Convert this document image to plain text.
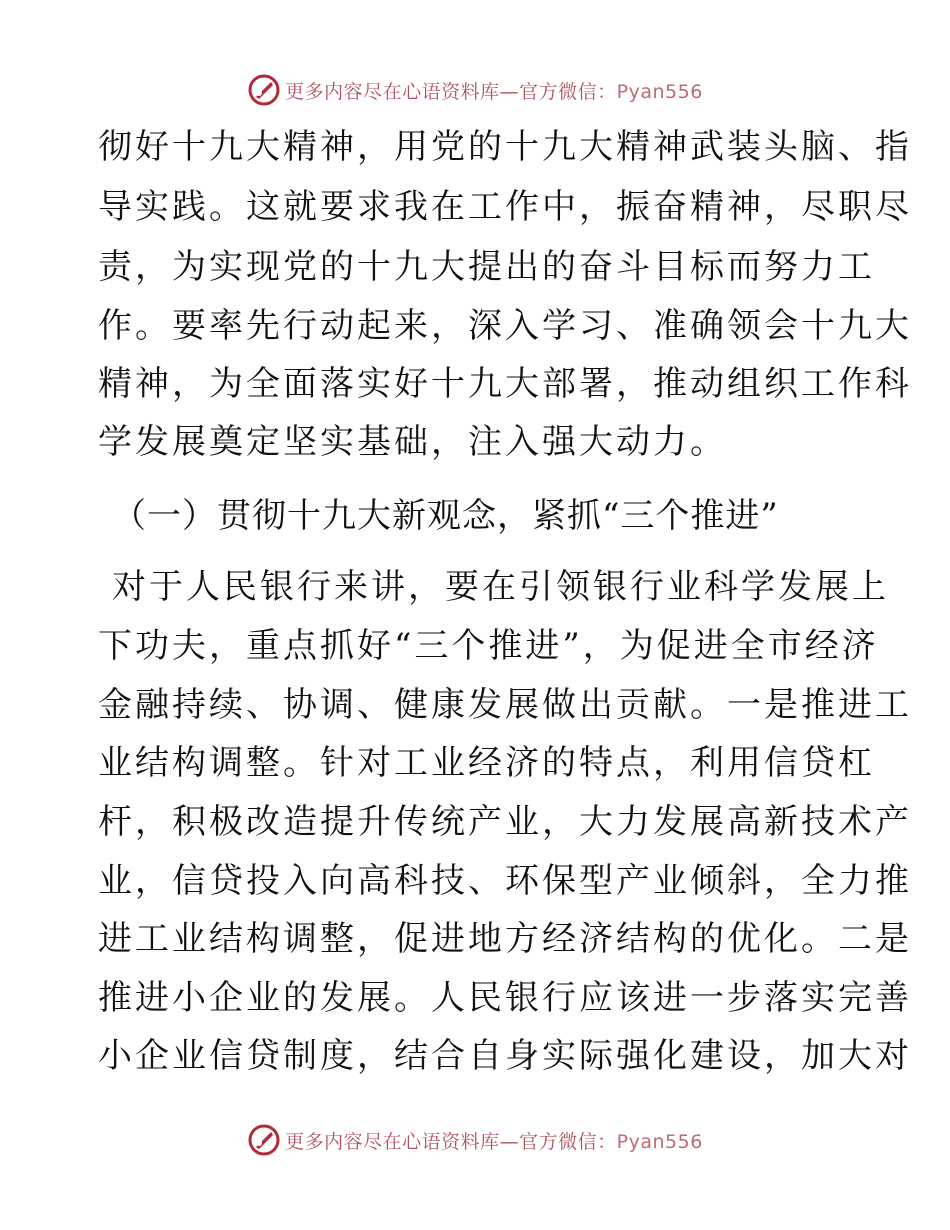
更多内容尽在心语资料库—官方微信：Pyan556
彻好十九大精神，用党的十九大精神武装头脑、指
导实践。这就要求我在工作中，振奋精神，尽职尽
责，为实现党的十九大提出的奋斗目标而努力工
作。要率先行动起来，深入学习、准确领会十九大
精神，为全面落实好十九大部署，推动组织工作科
学发展奠定坚实基础，注入强大动力。
（一）贯彻十九大新观念，紧抓“三个推进”
对于人民银行来讲，要在引领银行业科学发展上
下功夫，重点抓好“三个推进”，为促进全市经济
金融持续、协调、健康发展做出贡献。一是推进工
业结构调整。针对工业经济的特点，利用信贷杠
杆，积极改造提升传统产业，大力发展高新技术产
业，信贷投入向高科技、环保型产业倾斜，全力推
进工业结构调整，促进地方经济结构的优化。二是
推进小企业的发展。人民银行应该进一步落实完善
小企业信贷制度，结合自身实际强化建设，加大对
更多内容尽在心语资料库—官方微信：Pyan556
